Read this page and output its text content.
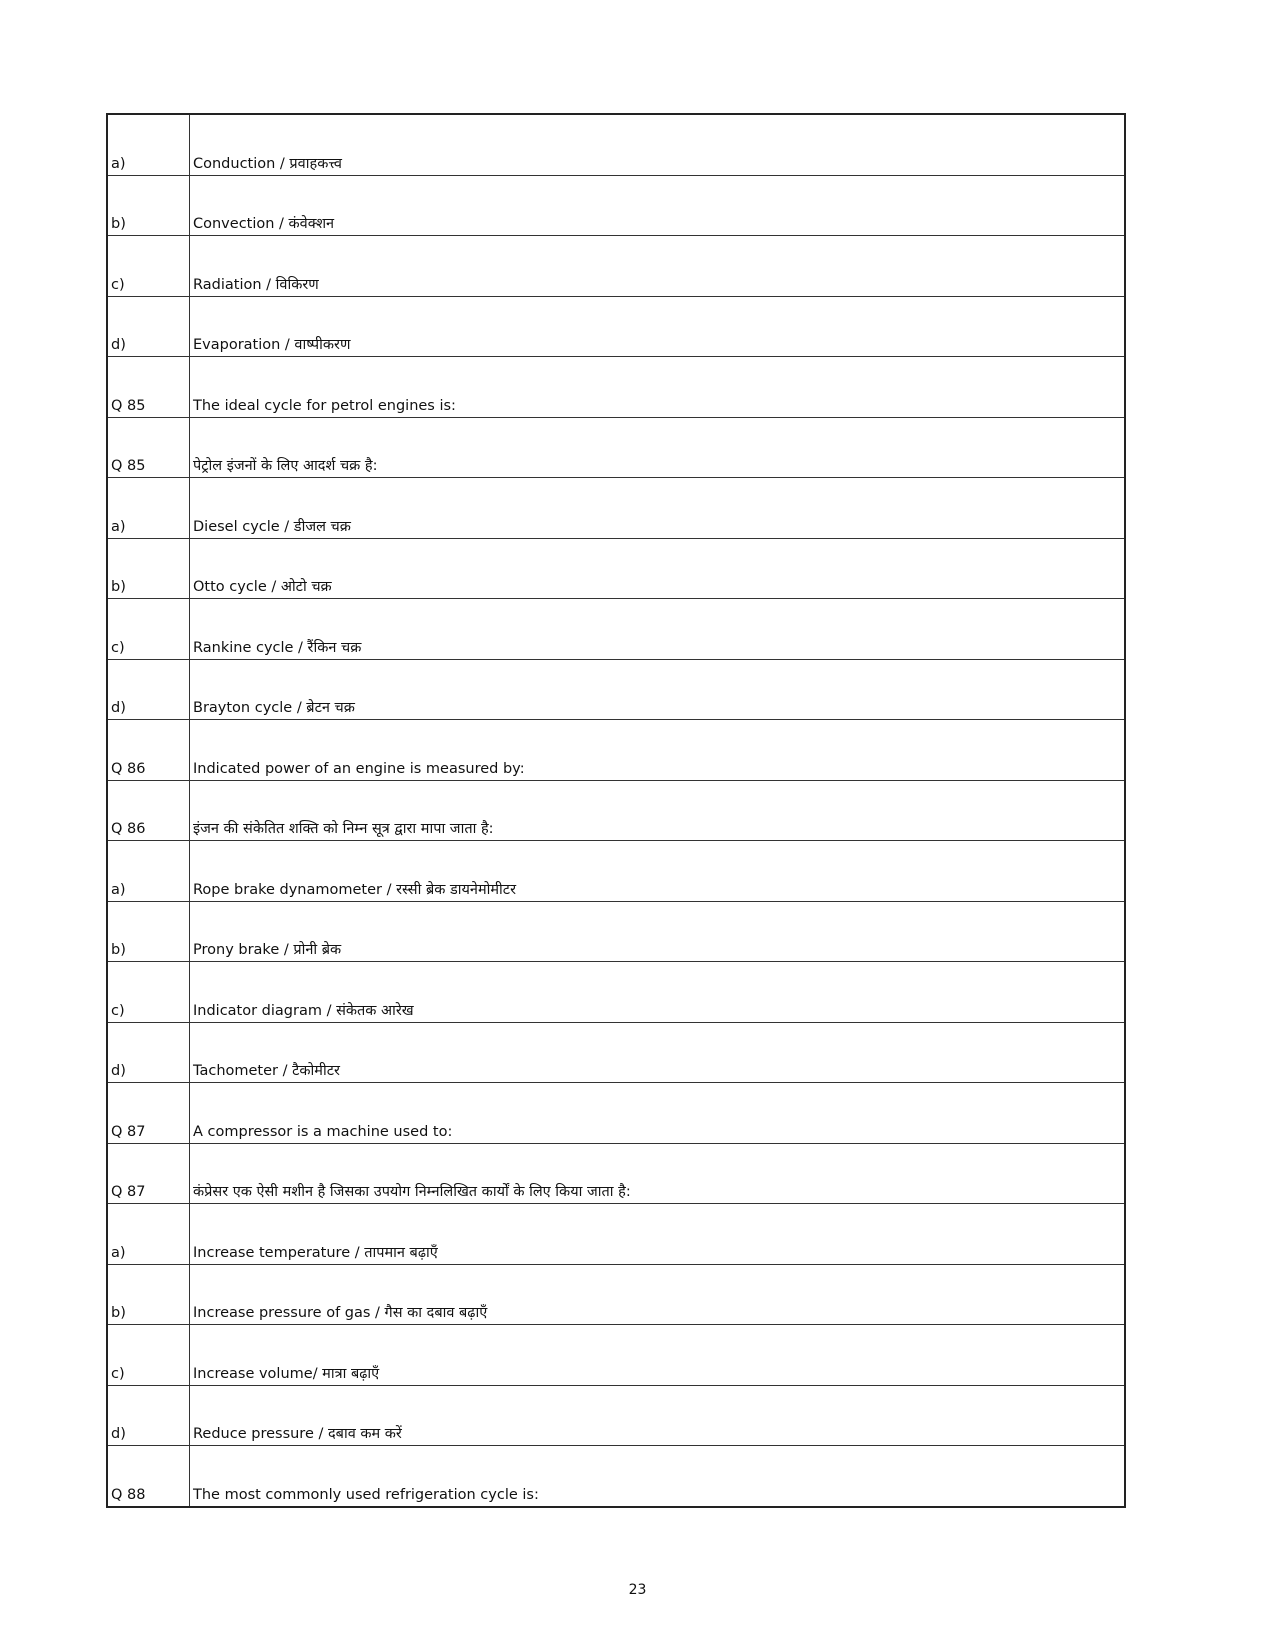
a)	Conduction / प्रवाहकत्त्व
b)	Convection / कंवेक्शन
c)	Radiation / विकिरण
d)	Evaporation / वाष्पीकरण
Q 85	The ideal cycle for petrol engines is:
Q 85	पेट्रोल इंजनों के लिए आदर्श चक्र है:
a)	Diesel cycle / डीजल चक्र
b)	Otto cycle / ओटो चक्र
c)	Rankine cycle / रैंकिन चक्र
d)	Brayton cycle / ब्रेटन चक्र
Q 86	Indicated power of an engine is measured by:
Q 86	इंजन की संकेतित शक्ति को निम्न सूत्र द्वारा मापा जाता है:
a)	Rope brake dynamometer / रस्सी ब्रेक डायनेमोमीटर
b)	Prony brake / प्रोनी ब्रेक
c)	Indicator diagram / संकेतक आरेख
d)	Tachometer / टैकोमीटर
Q 87	A compressor is a machine used to:
Q 87	कंप्रेसर एक ऐसी मशीन है जिसका उपयोग निम्नलिखित कार्यों के लिए किया जाता है:
a)	Increase temperature / तापमान बढ़ाएँ
b)	Increase pressure of gas / गैस का दबाव बढ़ाएँ
c)	Increase volume/ मात्रा बढ़ाएँ
d)	Reduce pressure / दबाव कम करें
Q 88	The most commonly used refrigeration cycle is:
23
